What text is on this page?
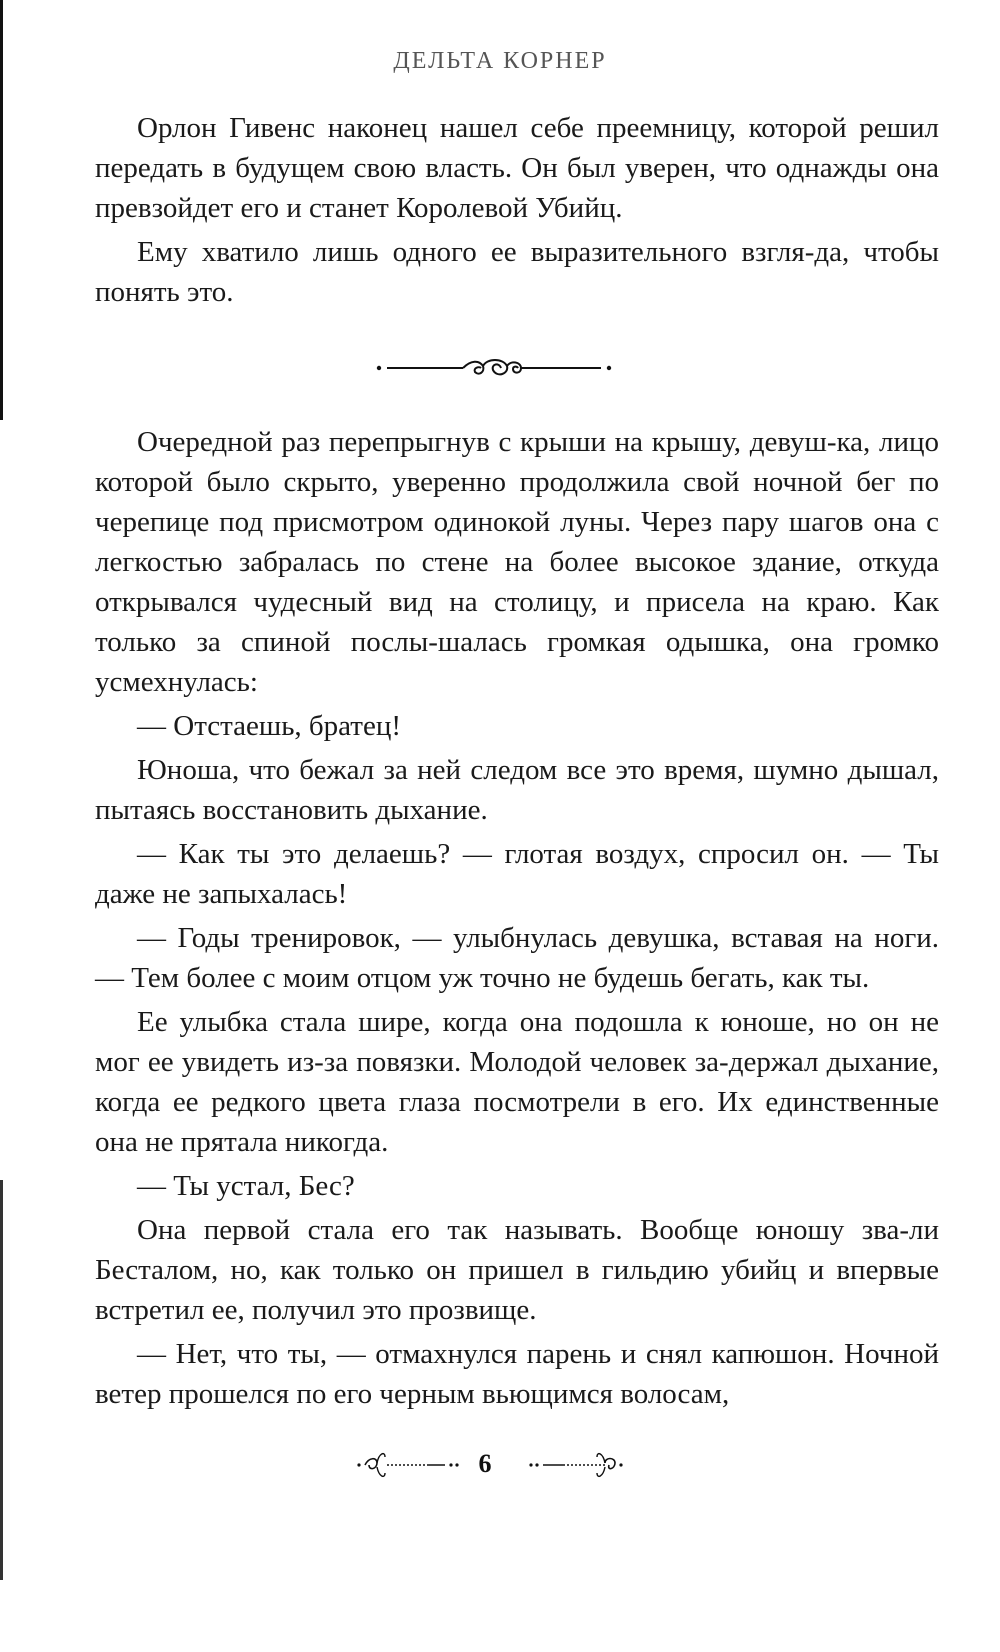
ДЕЛЬТА КОРНЕР

Орлон Гивенс наконец нашел себе преемницу, которой решил передать в будущем свою власть. Он был уверен, что однажды она превзойдет его и станет Королевой Убийц.

Ему хватило лишь одного ее выразительного взгля-да, чтобы понять это.

Очередной раз перепрыгнув с крыши на крышу, девуш-ка, лицо которой было скрыто, уверенно продолжила свой ночной бег по черепице под присмотром одинокой луны. Через пару шагов она с легкостью забралась по стене на более высокое здание, откуда открывался чудесный вид на столицу, и присела на краю. Как только за спиной послы-шалась громкая одышка, она громко усмехнулась:

— Отстаешь, братец!

Юноша, что бежал за ней следом все это время, шумно дышал, пытаясь восстановить дыхание.

— Как ты это делаешь? — глотая воздух, спросил он. — Ты даже не запыхалась!

— Годы тренировок, — улыбнулась девушка, вставая на ноги. — Тем более с моим отцом уж точно не будешь бегать, как ты.

Ее улыбка стала шире, когда она подошла к юноше, но он не мог ее увидеть из-за повязки. Молодой человек за-держал дыхание, когда ее редкого цвета глаза посмотрели в его. Их единственные она не прятала никогда.

— Ты устал, Бес?

Она первой стала его так называть. Вообще юношу зва-ли Бесталом, но, как только он пришел в гильдию убийц и впервые встретил ее, получил это прозвище.

— Нет, что ты, — отмахнулся парень и снял капюшон. Ночной ветер прошелся по его черным вьющимся волосам,

6
